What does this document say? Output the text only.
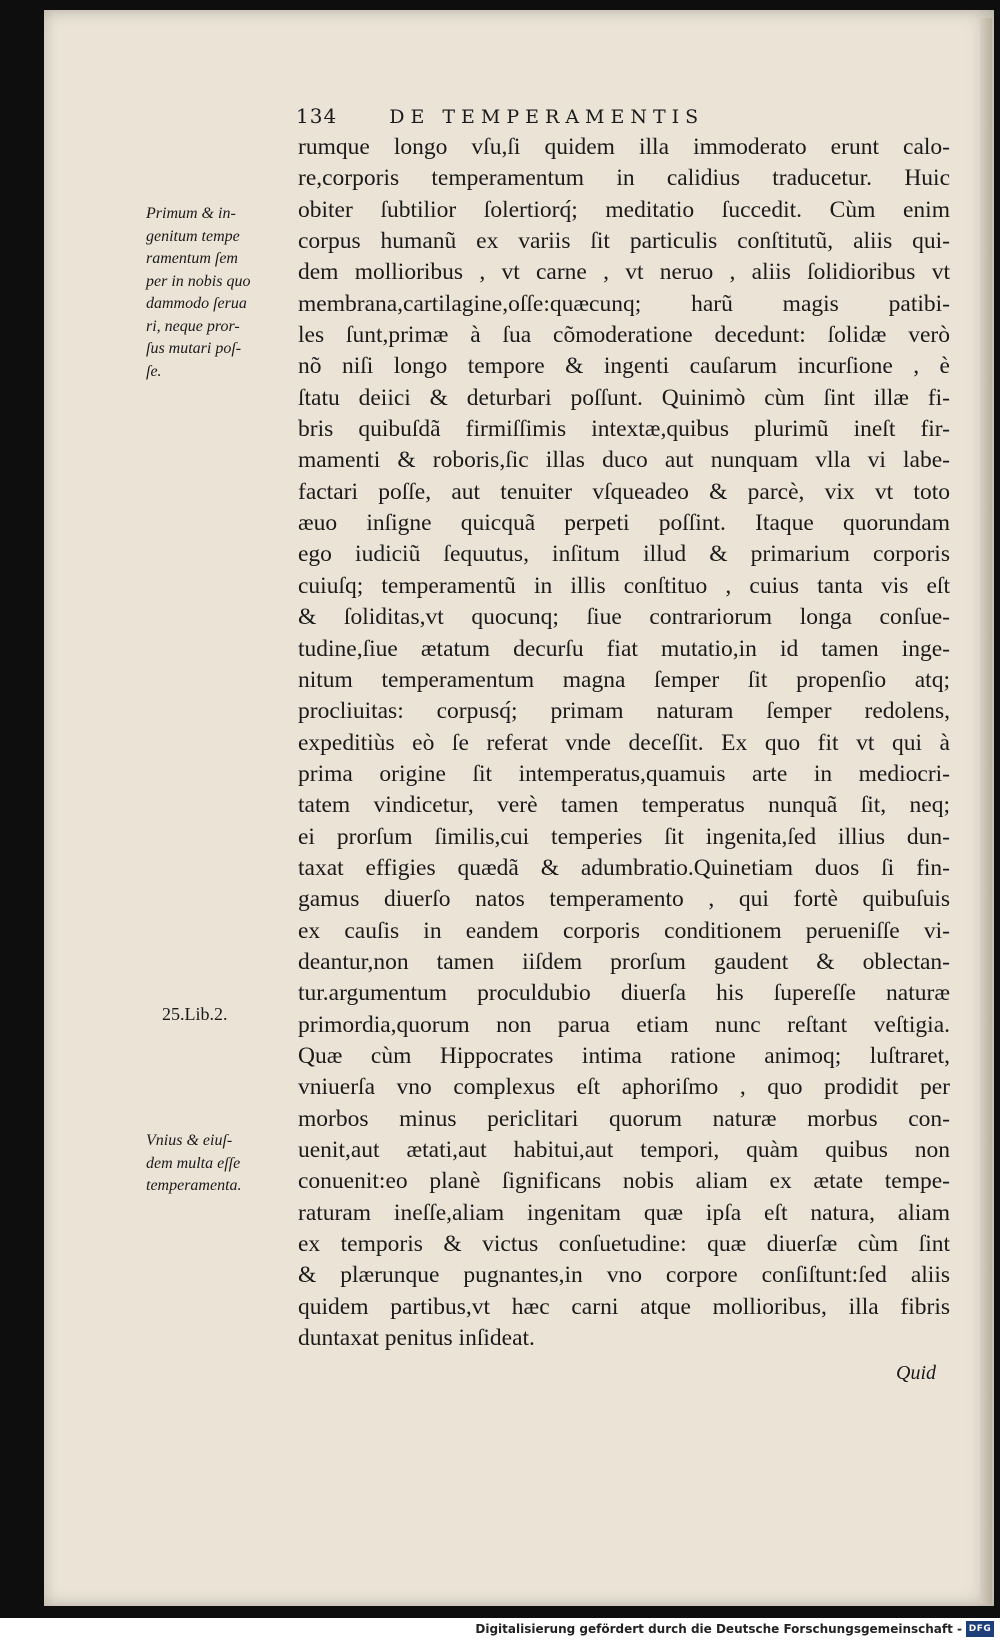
134	DE TEMPERAMENTIS
rumque longo vſu,ſi quidem illa immoderato erunt calo-
re,corporis temperamentum in calidius traducetur. Huic
obiter ſubtilior ſolertiorq́; meditatio ſuccedit. Cùm enim
corpus humanũ ex variis ſit particulis conſtitutũ, aliis qui-
dem mollioribus , vt carne , vt neruo , aliis ſolidioribus vt
membrana,cartilagine,oſſe:quæcunq; harũ magis patibi-
les ſunt,primæ à ſua cõmoderatione decedunt: ſolidæ verò
nõ niſi longo tempore & ingenti cauſarum incurſione , è
ſtatu deiici & deturbari poſſunt. Quinimò cùm ſint illæ fi-
bris quibuſdã firmiſſimis intextæ,quibus plurimũ ineſt fir-
mamenti & roboris,ſic illas duco aut nunquam vlla vi labe-
factari poſſe, aut tenuiter vſqueadeo & parcè, vix vt toto
æuo inſigne quicquã perpeti poſſint. Itaque quorundam
ego iudiciũ ſequutus, inſitum illud & primarium corporis
cuiuſq; temperamentũ in illis conſtituo , cuius tanta vis eſt
& ſoliditas,vt quocunq; ſiue contrariorum longa conſue-
tudine,ſiue ætatum decurſu fiat mutatio,in id tamen inge-
nitum temperamentum magna ſemper ſit propenſio atq;
procliuitas: corpusq́; primam naturam ſemper redolens,
expeditiùs eò ſe referat vnde deceſſit. Ex quo fit vt qui à
prima origine ſit intemperatus,quamuis arte in mediocri-
tatem vindicetur, verè tamen temperatus nunquã ſit, neq;
ei prorſum ſimilis,cui temperies ſit ingenita,ſed illius dun-
taxat effigies quædã & adumbratio.Quinetiam duos ſi fin-
gamus diuerſo natos temperamento , qui fortè quibuſuis
ex cauſis in eandem corporis conditionem perueniſſe vi-
deantur,non tamen iiſdem prorſum gaudent & oblectan-
tur.argumentum proculdubio diuerſa his ſupereſſe naturæ
primordia,quorum non parua etiam nunc reſtant veſtigia.
Quæ cùm Hippocrates intima ratione animoq; luſtraret,
vniuerſa vno complexus eſt aphoriſmo , quo prodidit per
morbos minus periclitari quorum naturæ morbus con-
uenit,aut ætati,aut habitui,aut tempori, quàm quibus non
conuenit:eo planè ſignificans nobis aliam ex ætate tempe-
raturam ineſſe,aliam ingenitam quæ ipſa eſt natura, aliam
ex temporis & victus conſuetudine: quæ diuerſæ cùm ſint
& plærunque pugnantes,in vno corpore conſiſtunt:ſed aliis
quidem partibus,vt hæc carni atque mollioribus, illa fibris
duntaxat penitus inſideat.
Primum & in-
genitum tempe
ramentum ſem
per in nobis quo
dammodo ſerua
ri, neque pror-
ſus mutari poſ-
ſe.
25.Lib.2.
Vnius & eiuſ-
dem multa eſſe
temperamenta.
Quid
Digitalisierung gefördert durch die Deutsche Forschungsgemeinschaft - DFG
